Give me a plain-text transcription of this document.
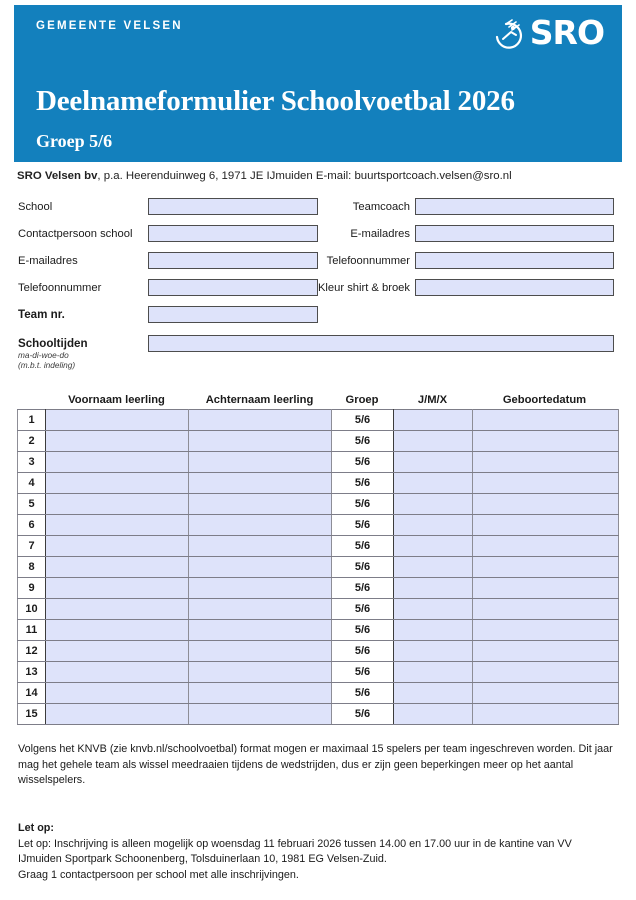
GEMEENTE VELSEN	SRO
Deelnameformulier Schoolvoetbal 2026
Groep 5/6
SRO Velsen bv, p.a. Heerenduinweg 6, 1971 JE IJmuiden E-mail: buurtsportcoach.velsen@sro.nl
School	Teamcoach
Contactpersoon school	E-mailadres
E-mailadres	Telefoonnummer
Telefoonnummer	Kleur shirt & broek
Team nr.
Schooltijden
ma-di-woe-do
(m.b.t. indeling)
Voornaam leerling	Achternaam leerling	Groep	J/M/X	Geboortedatum
1			5/6		
2			5/6		
3			5/6		
4			5/6		
5			5/6		
6			5/6		
7			5/6		
8			5/6		
9			5/6		
10			5/6		
11			5/6		
12			5/6		
13			5/6		
14			5/6		
15			5/6		
Volgens het KNVB (zie knvb.nl/schoolvoetbal) format mogen er maximaal 15 spelers per team ingeschreven worden. Dit jaar mag het gehele team als wissel meedraaien tijdens de wedstrijden, dus er zijn geen beperkingen meer op het aantal wisselspelers.
Let op:
Let op: Inschrijving is alleen mogelijk op woensdag 11 februari 2026 tussen 14.00 en 17.00 uur in de kantine van VV IJmuiden Sportpark Schoonenberg, Tolsduinerlaan 10, 1981 EG Velsen-Zuid.
Graag 1 contactpersoon per school met alle inschrijvingen.
